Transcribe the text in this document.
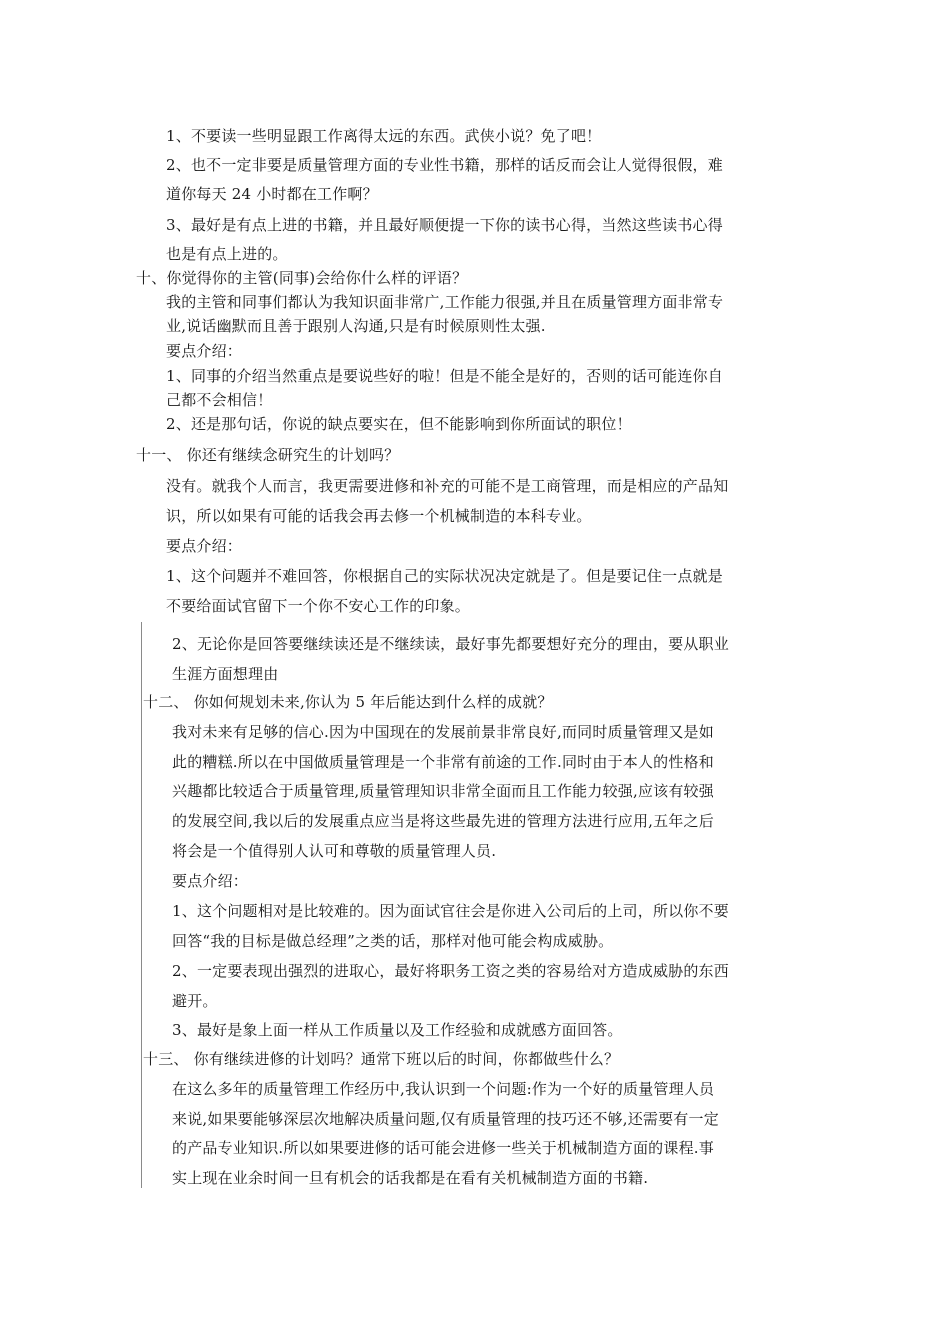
1、不要读一些明显跟工作离得太远的东西。武侠小说？免了吧！
2、也不一定非要是质量管理方面的专业性书籍，那样的话反而会让人觉得很假，难
道你每天 24 小时都在工作啊？
3、最好是有点上进的书籍，并且最好顺便提一下你的读书心得，当然这些读书心得
也是有点上进的。
十、你觉得你的主管(同事)会给你什么样的评语？
我的主管和同事们都认为我知识面非常广,工作能力很强,并且在质量管理方面非常专
业,说话幽默而且善于跟别人沟通,只是有时候原则性太强.
要点介绍：
1、同事的介绍当然重点是要说些好的啦！但是不能全是好的，否则的话可能连你自
己都不会相信！
2、还是那句话，你说的缺点要实在，但不能影响到你所面试的职位！
十一、 你还有继续念研究生的计划吗？
没有。就我个人而言，我更需要进修和补充的可能不是工商管理，而是相应的产品知
识，所以如果有可能的话我会再去修一个机械制造的本科专业。
要点介绍：
1、这个问题并不难回答，你根据自己的实际状况决定就是了。但是要记住一点就是
不要给面试官留下一个你不安心工作的印象。
2、无论你是回答要继续读还是不继续读，最好事先都要想好充分的理由，要从职业
生涯方面想理由
十二、 你如何规划未来,你认为 5 年后能达到什么样的成就？
我对未来有足够的信心.因为中国现在的发展前景非常良好,而同时质量管理又是如
此的糟糕.所以在中国做质量管理是一个非常有前途的工作.同时由于本人的性格和
兴趣都比较适合于质量管理,质量管理知识非常全面而且工作能力较强,应该有较强
的发展空间,我以后的发展重点应当是将这些最先进的管理方法进行应用,五年之后
将会是一个值得别人认可和尊敬的质量管理人员.
要点介绍：
1、这个问题相对是比较难的。因为面试官往会是你进入公司后的上司，所以你不要
回答“我的目标是做总经理”之类的话，那样对他可能会构成威胁。
2、一定要表现出强烈的进取心，最好将职务工资之类的容易给对方造成威胁的东西
避开。
3、最好是象上面一样从工作质量以及工作经验和成就感方面回答。
十三、 你有继续进修的计划吗？通常下班以后的时间，你都做些什么？
在这么多年的质量管理工作经历中,我认识到一个问题:作为一个好的质量管理人员
来说,如果要能够深层次地解决质量问题,仅有质量管理的技巧还不够,还需要有一定
的产品专业知识.所以如果要进修的话可能会进修一些关于机械制造方面的课程.事
实上现在业余时间一旦有机会的话我都是在看有关机械制造方面的书籍.
